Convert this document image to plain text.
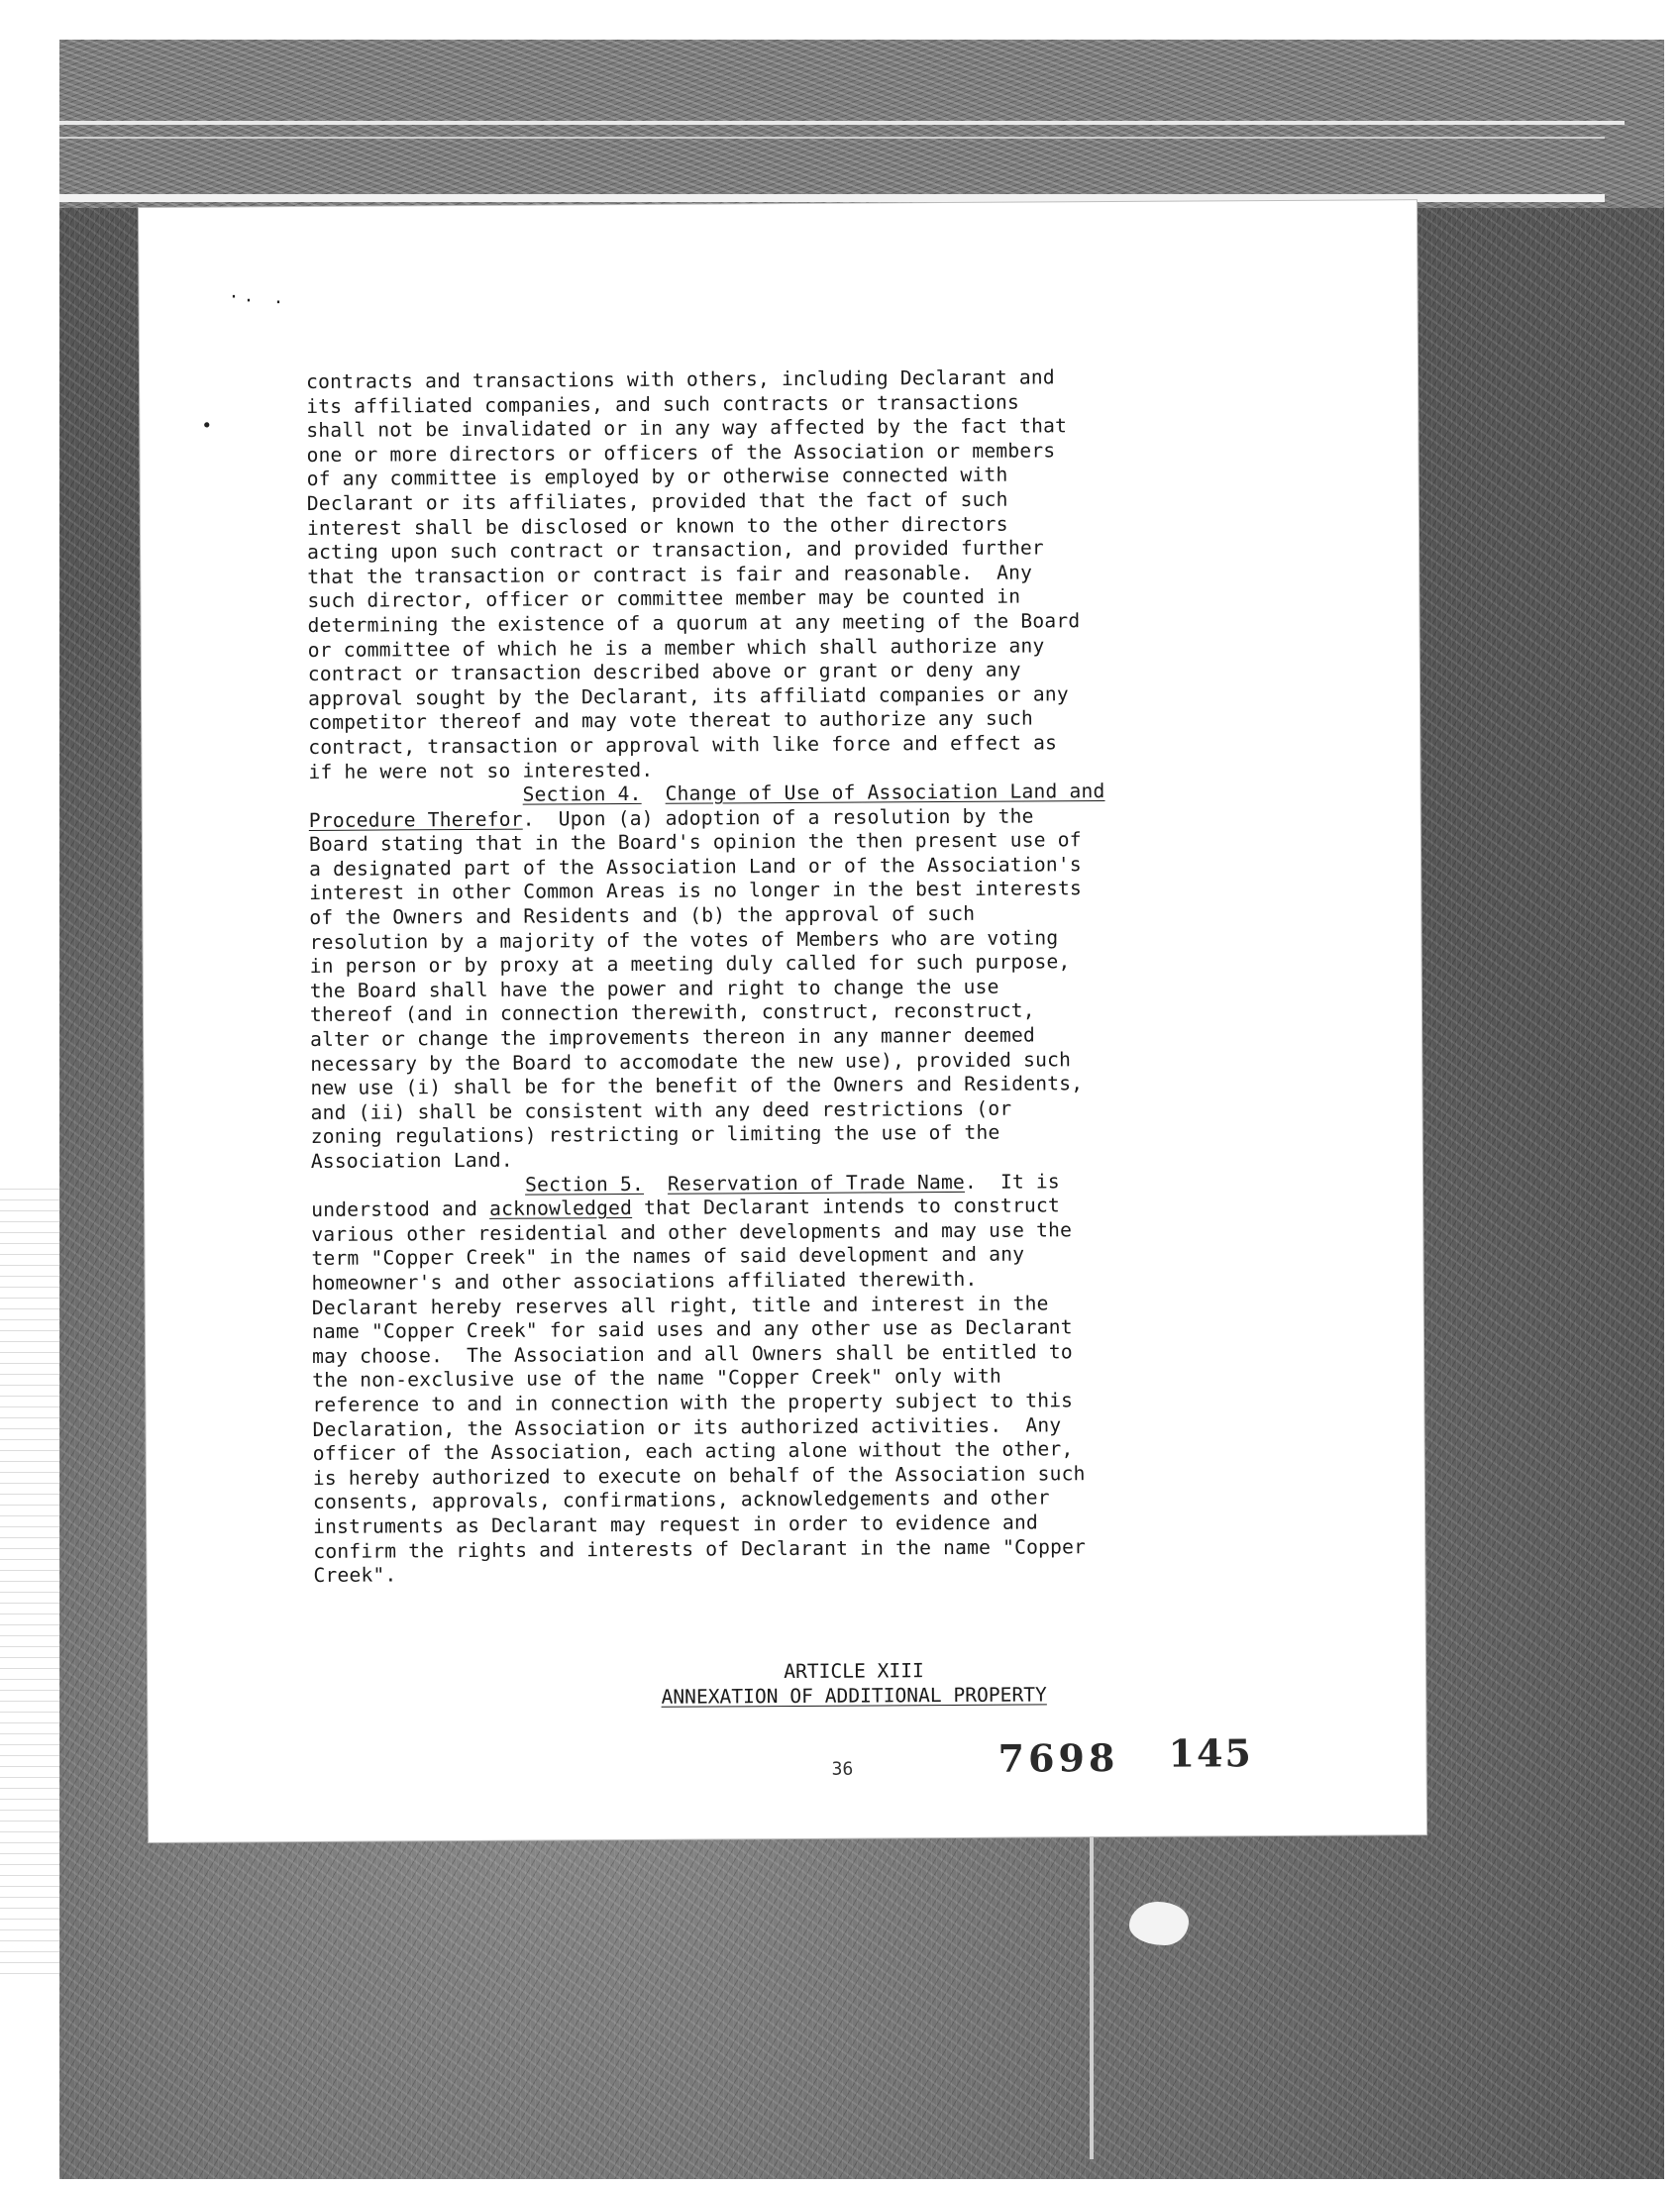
· · ·
•
contracts and transactions with others, including Declarant and
its affiliated companies, and such contracts or transactions
shall not be invalidated or in any way affected by the fact that
one or more directors or officers of the Association or members
of any committee is employed by or otherwise connected with
Declarant or its affiliates, provided that the fact of such
interest shall be disclosed or known to the other directors
acting upon such contract or transaction, and provided further
that the transaction or contract is fair and reasonable.  Any
such director, officer or committee member may be counted in
determining the existence of a quorum at any meeting of the Board
or committee of which he is a member which shall authorize any
contract or transaction described above or grant or deny any
approval sought by the Declarant, its affiliatd companies or any
competitor thereof and may vote thereat to authorize any such
contract, transaction or approval with like force and effect as
if he were not so interested.
Section 4. Change of Use of Association Land and
Procedure Therefor.  Upon (a) adoption of a resolution by the
Board stating that in the Board's opinion the then present use of
a designated part of the Association Land or of the Association's
interest in other Common Areas is no longer in the best interests
of the Owners and Residents and (b) the approval of such
resolution by a majority of the votes of Members who are voting
in person or by proxy at a meeting duly called for such purpose,
the Board shall have the power and right to change the use
thereof (and in connection therewith, construct, reconstruct,
alter or change the improvements thereon in any manner deemed
necessary by the Board to accomodate the new use), provided such
new use (i) shall be for the benefit of the Owners and Residents,
and (ii) shall be consistent with any deed restrictions (or
zoning regulations) restricting or limiting the use of the
Association Land.
Section 5. Reservation of Trade Name.  It is
understood and acknowledged that Declarant intends to construct
various other residential and other developments and may use the
term "Copper Creek" in the names of said development and any
homeowner's and other associations affiliated therewith.
Declarant hereby reserves all right, title and interest in the
name "Copper Creek" for said uses and any other use as Declarant
may choose.  The Association and all Owners shall be entitled to
the non-exclusive use of the name "Copper Creek" only with
reference to and in connection with the property subject to this
Declaration, the Association or its authorized activities.  Any
officer of the Association, each acting alone without the other,
is hereby authorized to execute on behalf of the Association such
consents, approvals, confirmations, acknowledgements and other
instruments as Declarant may request in order to evidence and
confirm the rights and interests of Declarant in the name "Copper
Creek".
ARTICLE XIII
ANNEXATION OF ADDITIONAL PROPERTY
36	7698 145
